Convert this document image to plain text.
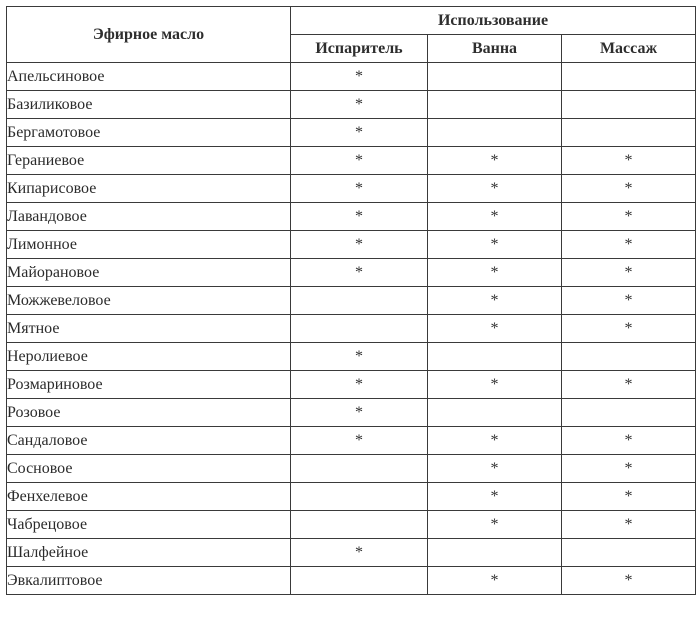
Эфирное масло	Использование		
	Испаритель	Ванна	Массаж
Апельсиновое	*		
Базиликовое	*		
Бергамотовое	*		
Гераниевое	*	*	*
Кипарисовое	*	*	*
Лавандовое	*	*	*
Лимонное	*	*	*
Майорановое	*	*	*
Можжевеловое		*	*
Мятное		*	*
Неролиевое	*		
Розмариновое	*	*	*
Розовое	*		
Сандаловое	*	*	*
Сосновое		*	*
Фенхелевое		*	*
Чабрецовое		*	*
Шалфейное	*		
Эвкалиптовое		*	*
